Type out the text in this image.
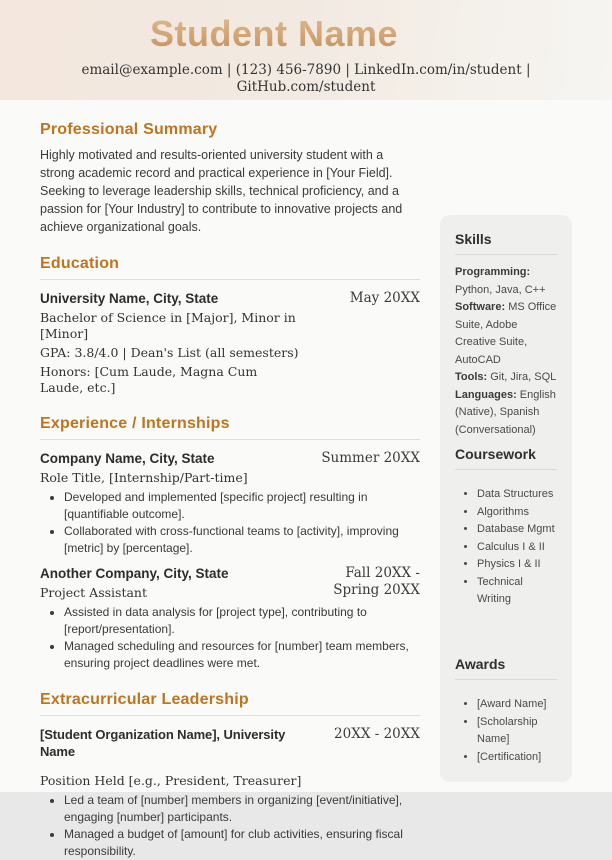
Student Name
email@example.com | (123) 456-7890 | LinkedIn.com/in/student |
GitHub.com/student
Professional Summary

Highly motivated and results-oriented university student with a strong academic record and practical experience in [Your Field]. Seeking to leverage leadership skills, technical proficiency, and a passion for [Your Industry] to contribute to innovative projects and achieve organizational goals.

Education
University Name, City, State
Bachelor of Science in [Major], Minor in [Minor]
GPA: 3.8/4.0 | Dean's List (all semesters)
Honors: [Cum Laude, Magna Cum Laude, etc.]
May 20XX
Experience / Internships
Company Name, City, State
Role Title, [Internship/Part-time]
Summer 20XX
• Developed and implemented [specific project] resulting in [quantifiable outcome].
• Collaborated with cross-functional teams to [activity], improving [metric] by [percentage].
Another Company, City, State
Project Assistant
Fall 20XX - Spring 20XX
• Assisted in data analysis for [project type], contributing to [report/presentation].
• Managed scheduling and resources for [number] team members, ensuring project deadlines were met.
Extracurricular Leadership
[Student Organization Name], University Name
Position Held [e.g., President, Treasurer]
20XX - 20XX
• Led a team of [number] members in organizing [event/initiative], engaging [number] participants.
• Managed a budget of [amount] for club activities, ensuring fiscal responsibility.
Skills
Programming: Python, Java, C++
Software: MS Office Suite, Adobe Creative Suite, AutoCAD
Tools: Git, Jira, SQL
Languages: English (Native), Spanish (Conversational)
Coursework
• Data Structures
• Algorithms
• Database Mgmt
• Calculus I & II
• Physics I & II
• Technical Writing
Awards
• [Award Name]
• [Scholarship Name]
• [Certification]
